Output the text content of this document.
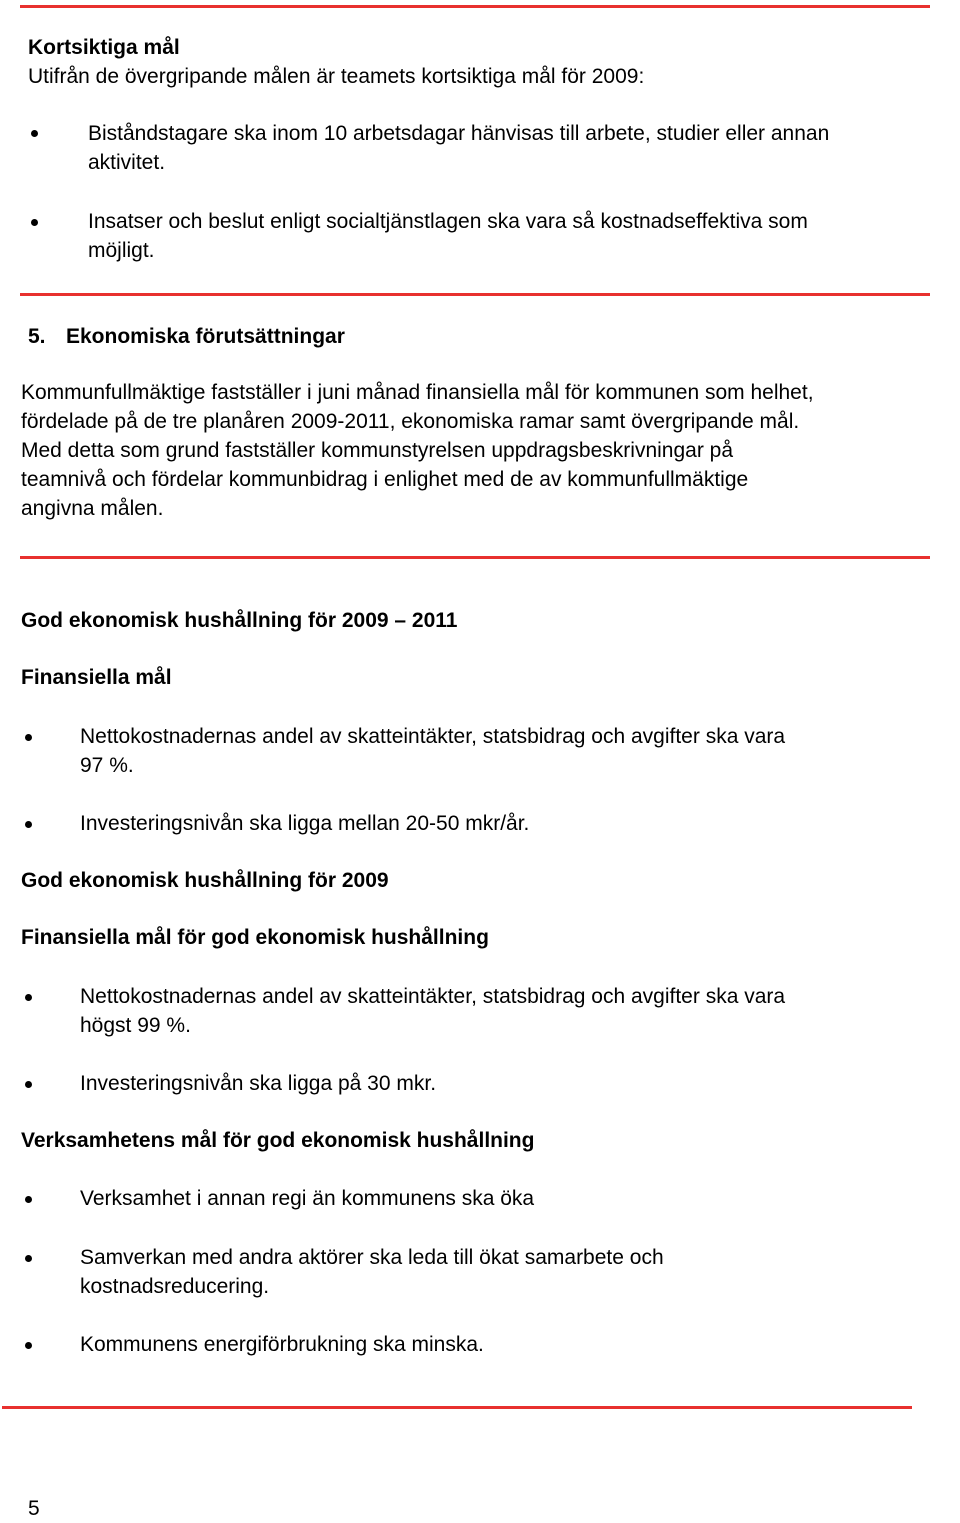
Kortsiktiga mål
Utifrån de övergripande målen är teamets kortsiktiga mål för 2009:

Biståndstagare ska inom 10 arbetsdagar hänvisas till arbete, studier eller annan

aktivitet.

Insatser och beslut enligt socialtjänstlagen ska vara så kostnadseffektiva som

möjligt.

5. Ekonomiska förutsättningar

Kommunfullmäktige fastställer i juni månad finansiella mål för kommunen som helhet,

fördelade på de tre planåren 2009-2011, ekonomiska ramar samt övergripande mål.

Med detta som grund fastställer kommunstyrelsen uppdragsbeskrivningar på

teamnivå och fördelar kommunbidrag i enlighet med de av kommunfullmäktige

angivna målen.

God ekonomisk hushållning för 2009 – 2011
Finansiella mål

Nettokostnadernas andel av skatteintäkter, statsbidrag och avgifter ska vara

97 %.

Investeringsnivån ska ligga mellan 20-50 mkr/år.

God ekonomisk hushållning för 2009
Finansiella mål för god ekonomisk hushållning

Nettokostnadernas andel av skatteintäkter, statsbidrag och avgifter ska vara

högst 99 %.

Investeringsnivån ska ligga på 30 mkr.

Verksamhetens mål för god ekonomisk hushållning

Verksamhet i annan regi än kommunens ska öka

Samverkan med andra aktörer ska leda till ökat samarbete och

kostnadsreducering.

Kommunens energiförbrukning ska minska.

5
